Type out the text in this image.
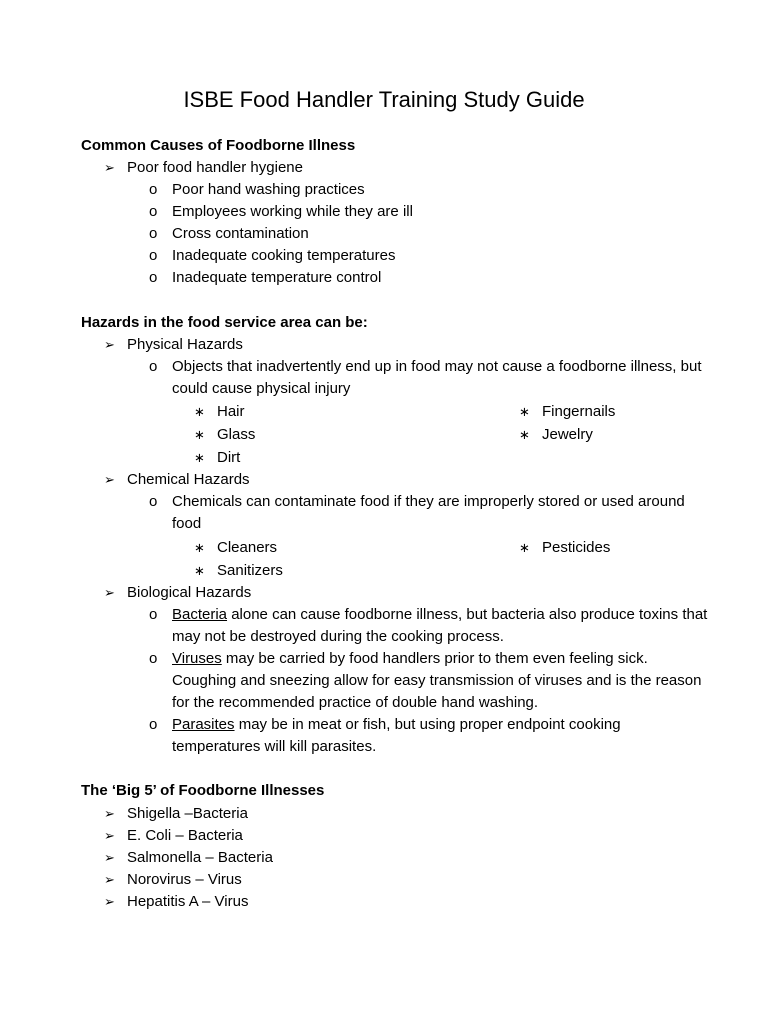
ISBE Food Handler Training Study Guide
Common Causes of Foodborne Illness
➢ Poor food handler hygiene
o Poor hand washing practices
o Employees working while they are ill
o Cross contamination
o Inadequate cooking temperatures
o Inadequate temperature control
Hazards in the food service area can be:
➢ Physical Hazards
o Objects that inadvertently end up in food may not cause a foodborne illness, but could cause physical injury
∗ Hair
∗ Glass
∗ Dirt
∗ Fingernails
∗ Jewelry
➢ Chemical Hazards
o Chemicals can contaminate food if they are improperly stored or used around food
∗ Cleaners
∗ Sanitizers
∗ Pesticides
➢ Biological Hazards
o Bacteria alone can cause foodborne illness, but bacteria also produce toxins that may not be destroyed during the cooking process.
o Viruses may be carried by food handlers prior to them even feeling sick. Coughing and sneezing allow for easy transmission of viruses and is the reason for the recommended practice of double hand washing.
o Parasites may be in meat or fish, but using proper endpoint cooking temperatures will kill parasites.
The ‘Big 5’ of Foodborne Illnesses
➢ Shigella –Bacteria
➢ E. Coli – Bacteria
➢ Salmonella – Bacteria
➢ Norovirus – Virus
➢ Hepatitis A – Virus
